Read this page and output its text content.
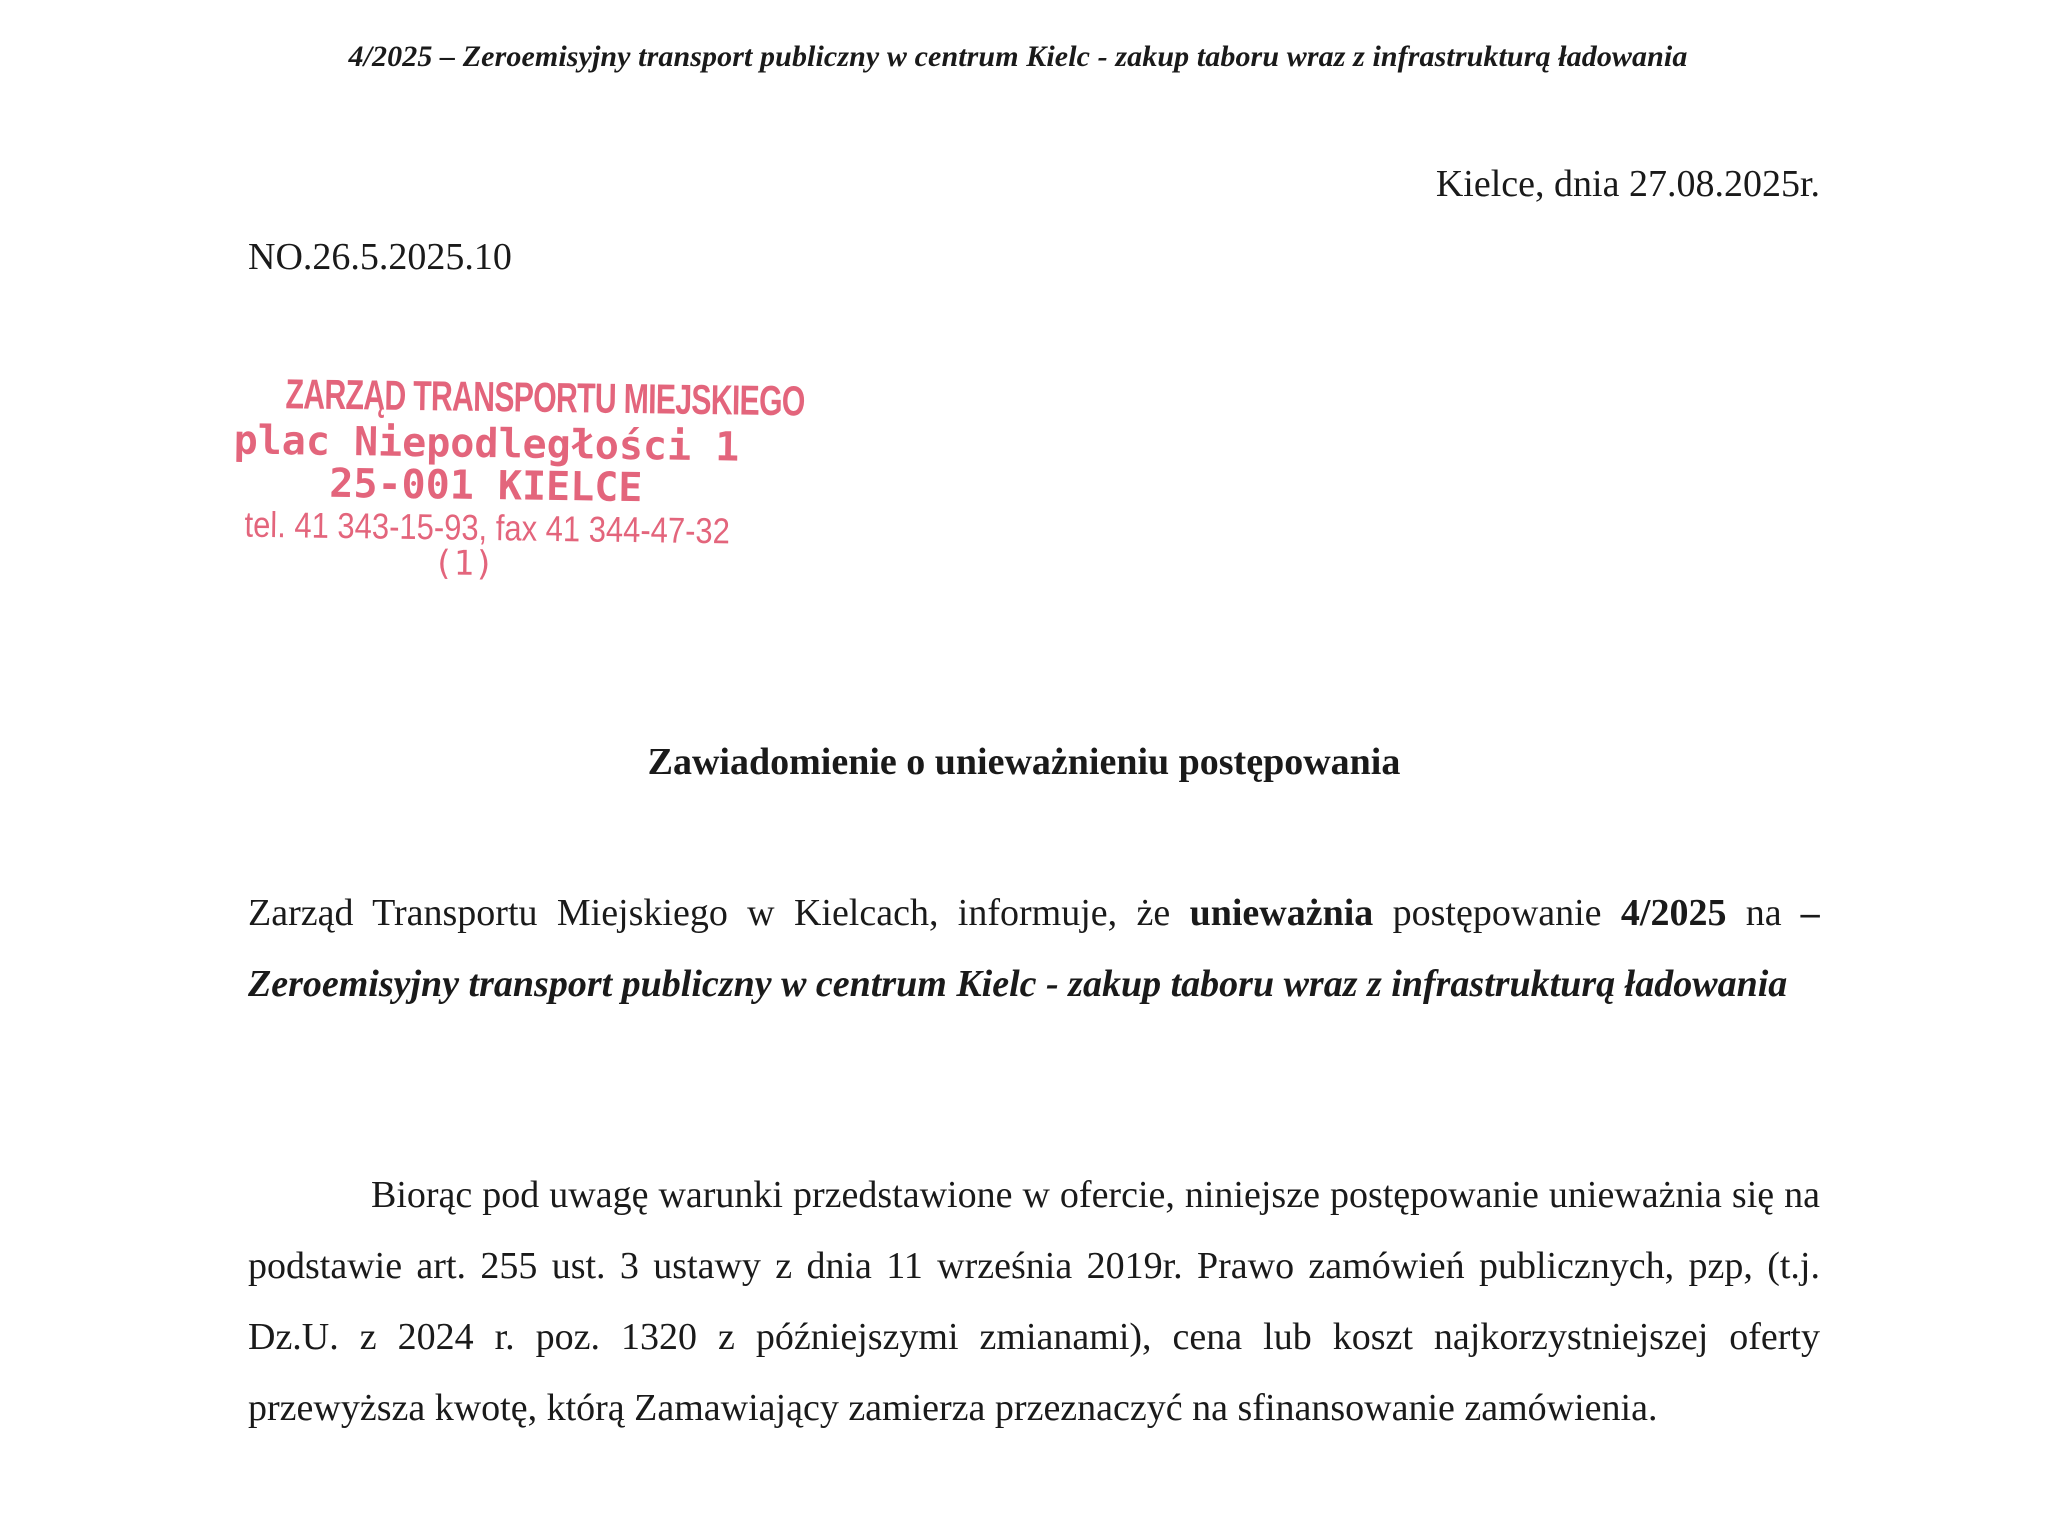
4/2025 – Zeroemisyjny transport publiczny w centrum Kielc - zakup taboru wraz z infrastrukturą ładowania
Kielce, dnia 27.08.2025r.
NO.26.5.2025.10
ZARZĄD TRANSPORTU MIEJSKIEGO
plac Niepodległości 1
25-001 KIELCE
tel. 41 343-15-93, fax 41 344-47-32
(1)
Zawiadomienie o unieważnieniu postępowania
Zarząd Transportu Miejskiego w Kielcach, informuje, że unieważnia postępowanie 4/2025 na – Zeroemisyjny transport publiczny w centrum Kielc - zakup taboru wraz z infrastrukturą ładowania
Biorąc pod uwagę warunki przedstawione w ofercie, niniejsze postępowanie unieważnia się na podstawie art. 255 ust. 3 ustawy z dnia 11 września 2019r. Prawo zamówień publicznych, pzp, (t.j. Dz.U. z 2024 r. poz. 1320 z późniejszymi zmianami), cena lub koszt najkorzystniejszej oferty przewyższa kwotę, którą Zamawiający zamierza przeznaczyć na sfinansowanie zamówienia.
